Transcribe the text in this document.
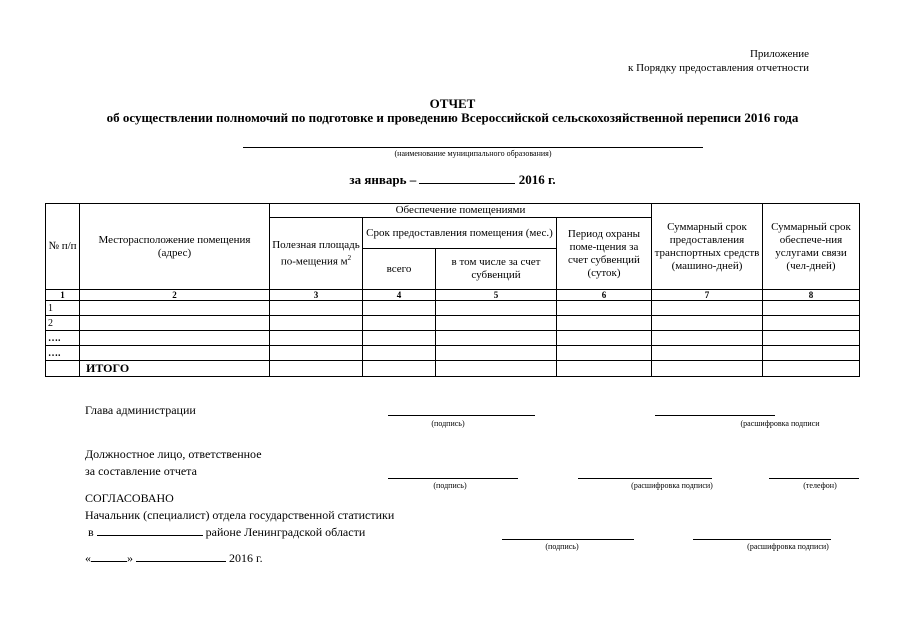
Приложение
к Порядку предоставления отчетности
ОТЧЕТ
об осуществлении полномочий по подготовке и проведению Всероссийской сельскохозяйственной переписи 2016 года
(наименование муниципального образования)
за январь –	2016 г.
№ п/п	Месторасположение помещения (адрес)	Обеспечение помещениями				Суммарный срок предоставления транспортных средств (машино-дней)	Суммарный срок обеспече-ния услугами связи (чел-дней)
		Полезная площадь по-мещения $м^2$	Срок предоставления помещения (мес.)		Период охраны поме-щения за счет субвенций (суток)		
			всего	в том числе за счет субвенций			
1	2	3	4	5	6	7	8
1							
2							
….							
….							
	ИТОГО						
Глава администрации
(подпись)	(расшифровка подписи
Должностное лицо, ответственное
за составление отчета
(подпись)	(расшифровка подписи)	(телефон)
СОГЛАСОВАНО
Начальник (специалист) отдела государственной статистики
в	районе Ленинградской области
(подпись)	(расшифровка подписи)
«	»	2016 г.
